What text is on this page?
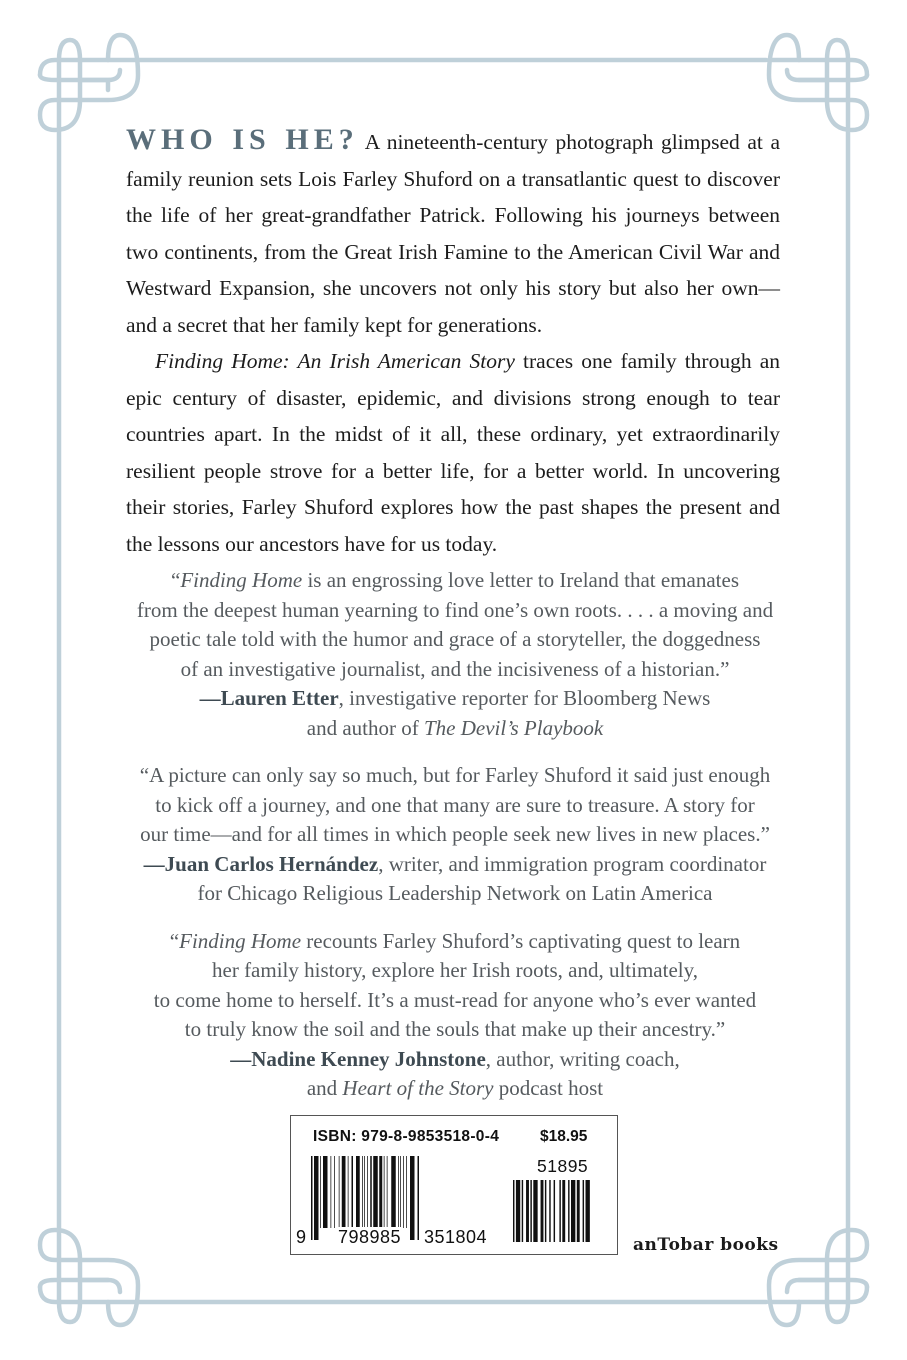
WHO IS HE? A nineteenth-century photograph glimpsed at a family reunion sets Lois Farley Shuford on a transatlantic quest to discover the life of her great-grandfather Patrick. Following his journeys between two continents, from the Great Irish Famine to the American Civil War and Westward Expansion, she uncovers not only his story but also her own—and a secret that her family kept for generations.

Finding Home: An Irish American Story traces one family through an epic century of disaster, epidemic, and divisions strong enough to tear countries apart. In the midst of it all, these ordinary, yet extraordinarily resilient people strove for a better life, for a better world. In uncovering their stories, Farley Shuford explores how the past shapes the present and the lessons our ancestors have for us today.

“Finding Home is an engrossing love letter to Ireland that emanates
from the deepest human yearning to find one’s own roots. . . . a moving and
poetic tale told with the humor and grace of a storyteller, the doggedness
of an investigative journalist, and the incisiveness of a historian.”
—Lauren Etter, investigative reporter for Bloomberg News
and author of The Devil’s Playbook
“A picture can only say so much, but for Farley Shuford it said just enough
to kick off a journey, and one that many are sure to treasure. A story for
our time—and for all times in which people seek new lives in new places.”
—Juan Carlos Hernández, writer, and immigration program coordinator
for Chicago Religious Leadership Network on Latin America
“Finding Home recounts Farley Shuford’s captivating quest to learn
her family history, explore her Irish roots, and, ultimately,
to come home to herself. It’s a must-read for anyone who’s ever wanted
to truly know the soil and the souls that make up their ancestry.”
—Nadine Kenney Johnstone, author, writing coach,
and Heart of the Story podcast host
ISBN: 979-8-9853518-0-4	$18.95
51895
9 798985 351804	anTobar books
